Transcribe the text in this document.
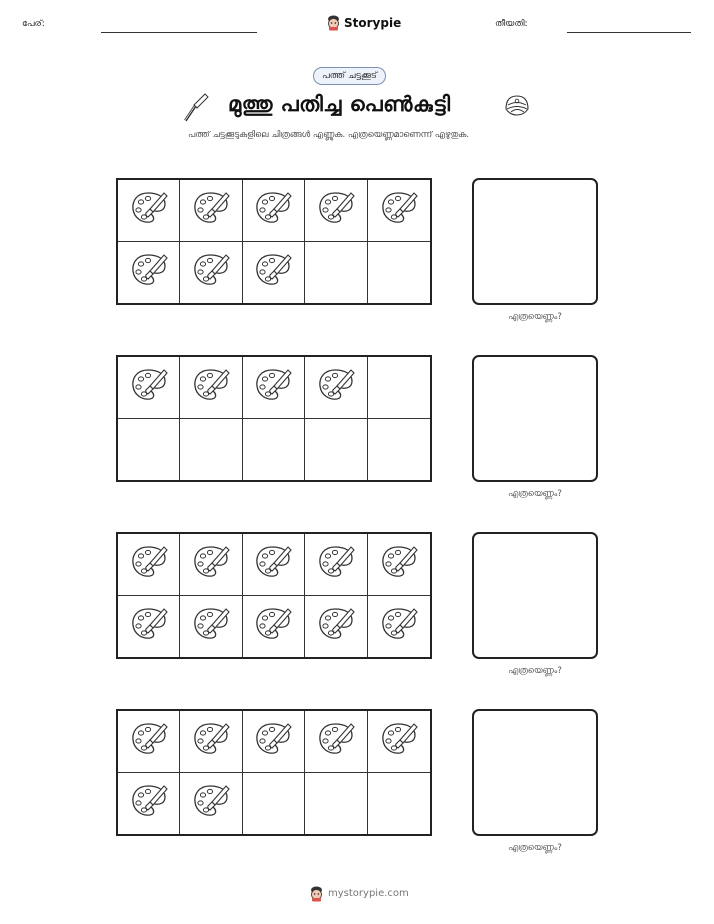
പേര്:	Storypie	തീയതി:
പത്ത് ചട്ടക്കൂട്
മുത്തു പതിച്ച പെൺകുട്ടി
പത്ത് ചട്ടക്കൂടുകളിലെ ചിത്രങ്ങൾ എണ്ണുക. എത്രയെണ്ണമാണെന്ന് എഴുതുക.
എത്രയെണ്ണം?
എത്രയെണ്ണം?
എത്രയെണ്ണം?
എത്രയെണ്ണം?
mystorypie.com
